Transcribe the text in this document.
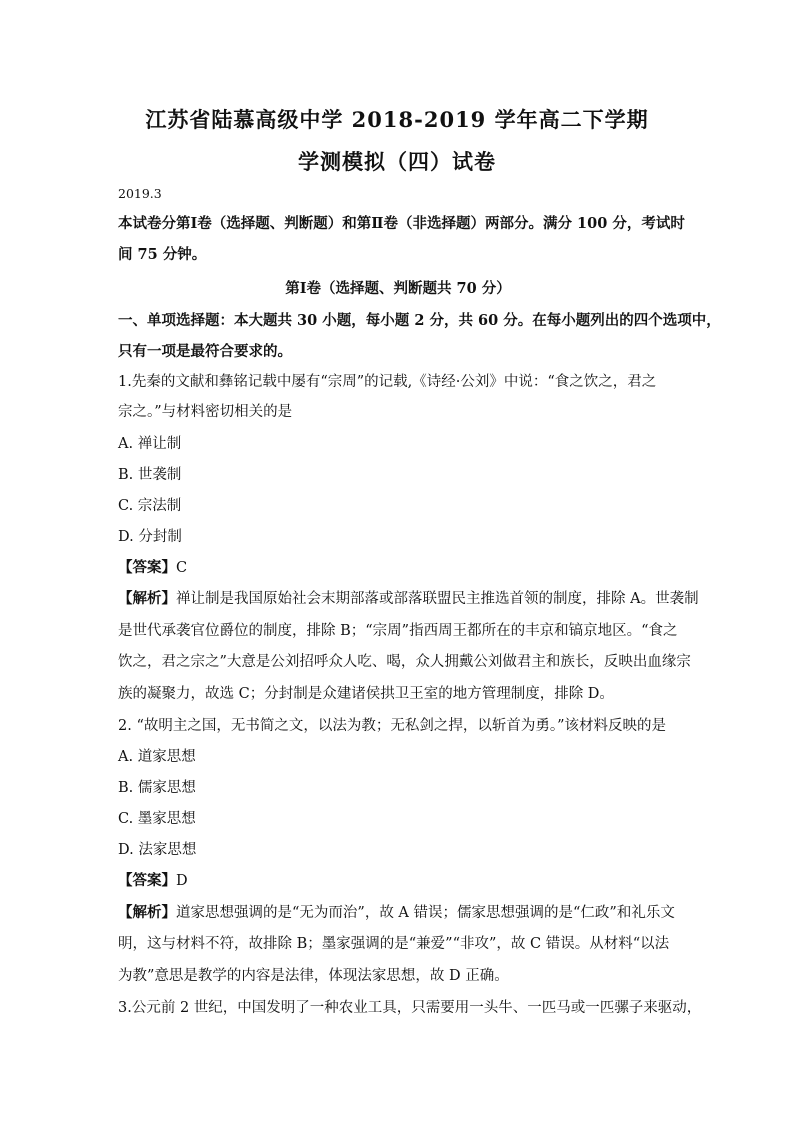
江苏省陆慕高级中学 2018-2019 学年高二下学期
学测模拟（四）试卷
2019.3
本试卷分第Ⅰ卷（选择题、判断题）和第Ⅱ卷（非选择题）两部分。满分 100 分，考试时
间 75 分钟。
第Ⅰ卷（选择题、判断题共 70 分）
一、单项选择题：本大题共 30 小题，每小题 2 分，共 60 分。在每小题列出的四个选项中，
只有一项是最符合要求的。
1.先秦的文献和彝铭记载中屡有“宗周”的记载,《诗经·公刘》中说：“食之饮之，君之
宗之。”与材料密切相关的是
A. 禅让制
B. 世袭制
C. 宗法制
D. 分封制
【答案】C
【解析】禅让制是我国原始社会末期部落或部落联盟民主推选首领的制度，排除 A。世袭制
是世代承袭官位爵位的制度，排除 B；“宗周”指西周王都所在的丰京和镐京地区。“食之
饮之，君之宗之”大意是公刘招呼众人吃、喝，众人拥戴公刘做君主和族长，反映出血缘宗
族的凝聚力，故选 C；分封制是众建诸侯拱卫王室的地方管理制度，排除 D。
2. “故明主之国，无书简之文，以法为教；无私剑之捍，以斩首为勇。”该材料反映的是
A. 道家思想
B. 儒家思想
C. 墨家思想
D. 法家思想
【答案】D
【解析】道家思想强调的是“无为而治”，故 A 错误；儒家思想强调的是“仁政”和礼乐文
明，这与材料不符，故排除 B；墨家强调的是“兼爱”“非攻”，故 C 错误。从材料“以法
为教”意思是教学的内容是法律，体现法家思想，故 D 正确。
3.公元前 2 世纪，中国发明了一种农业工具，只需要用一头牛、一匹马或一匹骡子来驱动，
